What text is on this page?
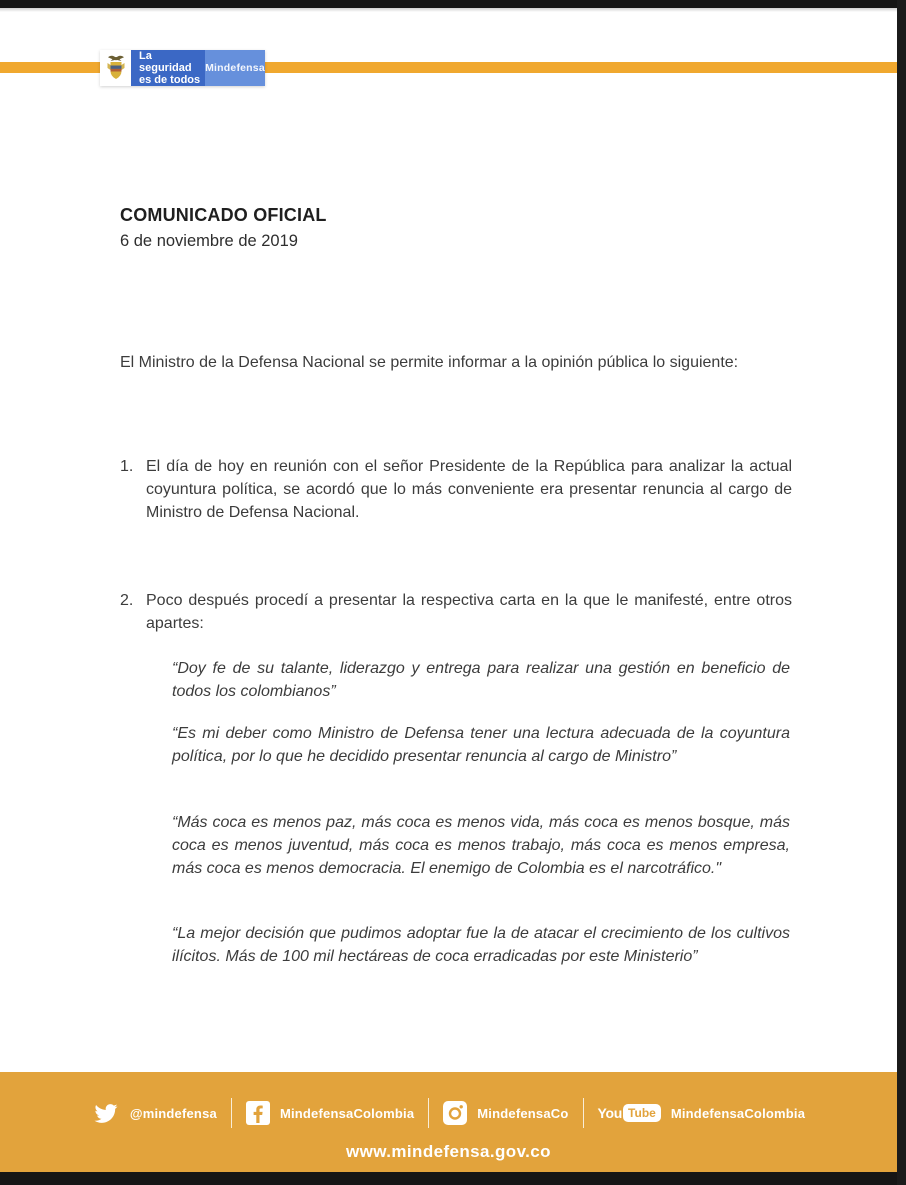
La seguridad
es de todos
Mindefensa
COMUNICADO OFICIAL
6 de noviembre de 2019

El Ministro de la Defensa Nacional se permite informar a la opinión pública lo siguiente:

1. El día de hoy en reunión con el señor Presidente de la República para analizar la actual coyuntura política, se acordó que lo más conveniente era presentar renuncia al cargo de Ministro de Defensa Nacional.
2. Poco después procedí a presentar la respectiva carta en la que le manifesté, entre otros apartes:

“Doy fe de su talante, liderazgo y entrega para realizar una gestión en beneficio de todos los colombianos”

“Es mi deber como Ministro de Defensa tener una lectura adecuada de la coyuntura política, por lo que he decidido presentar renuncia al cargo de Ministro”

“Más coca es menos paz, más coca es menos vida, más coca es menos bosque, más coca es menos juventud, más coca es menos trabajo, más coca es menos empresa, más coca es menos democracia. El enemigo de Colombia es el narcotráfico."

“La mejor decisión que pudimos adoptar fue la de atacar el crecimiento de los cultivos ilícitos. Más de 100 mil hectáreas de coca erradicadas por este Ministerio”

@mindefensa	MindefensaColombia	MindefensaCo You Tube	MindefensaColombia
www.mindefensa.gov.co
